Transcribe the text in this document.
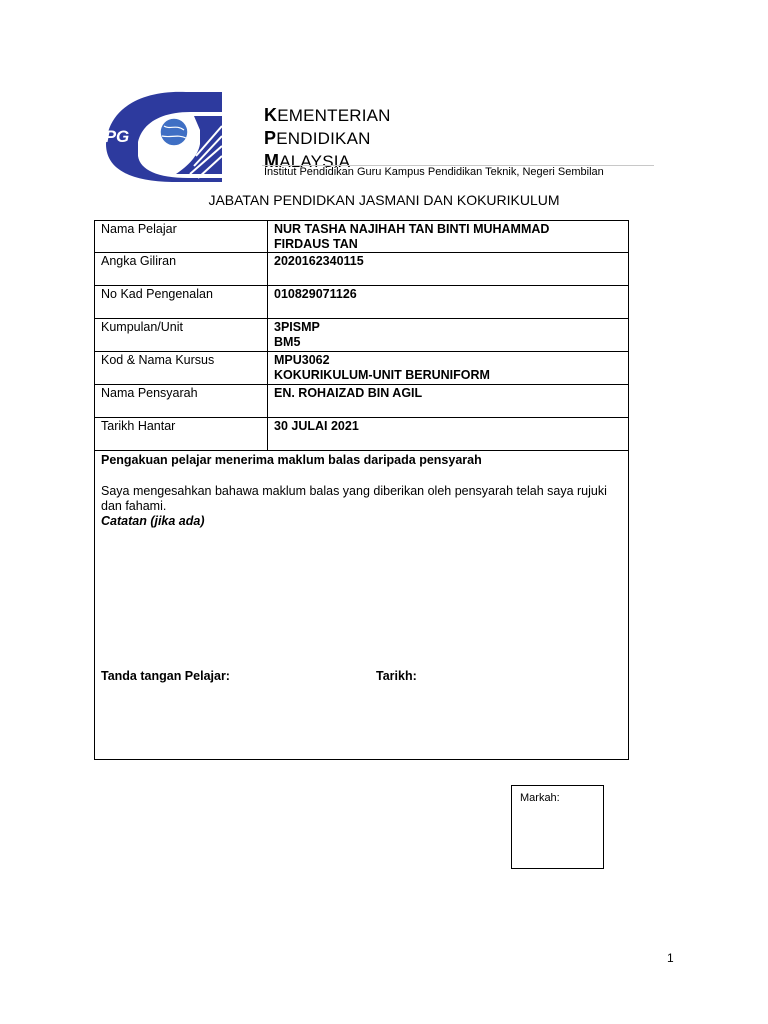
iPG
KEMENTERIAN
PENDIDIKAN
MALAYSIA
Institut Pendidikan Guru Kampus Pendidikan Teknik, Negeri Sembilan
JABATAN PENDIDKAN JASMANI DAN KOKURIKULUM
Nama Pelajar	NUR TASHA NAJIHAH TAN BINTI MUHAMMAD
FIRDAUS TAN

Angka Giliran	2020162340115
No Kad Pengenalan	010829071126
Kumpulan/Unit	3PISMP
BM5

Kod & Nama Kursus	MPU3062
KOKURIKULUM-UNIT BERUNIFORM

Nama Pensyarah	EN. ROHAIZAD BIN AGIL
Tarikh Hantar	30 JULAI 2021

Pengakuan pelajar menerima maklum balas daripada pensyarah
Saya mengesahkan bahawa maklum balas yang diberikan oleh pensyarah telah saya rujuki dan fahami.
Catatan (jika ada)
Tanda tangan Pelajar: Tarikh:	
Markah:
1
